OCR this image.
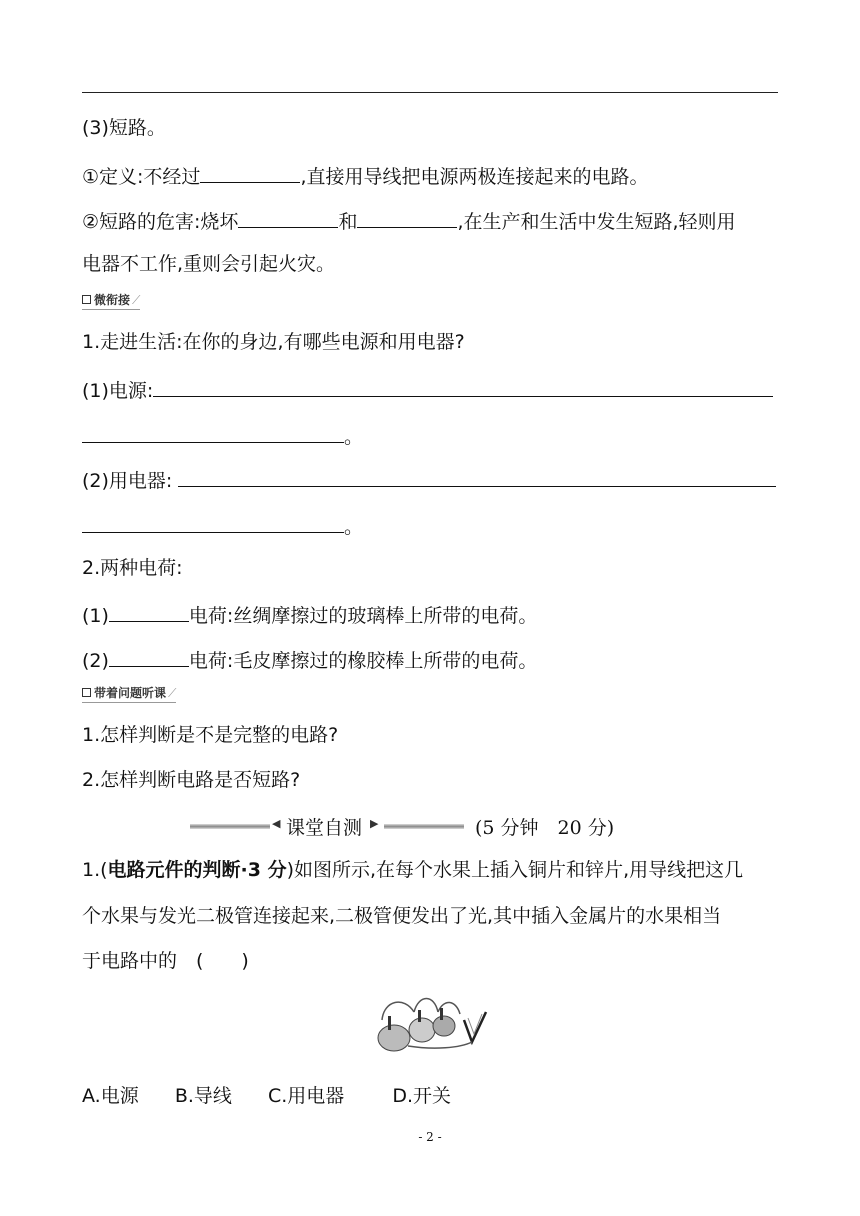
(3)短路。
①定义:不经过	,直接用导线把电源两极连接起来的电路。
②短路的危害:烧坏	和	,在生产和生活中发生短路,轻则用
电器不工作,重则会引起火灾。
微衔接 ⟋
1.走进生活:在你的身边,有哪些电源和用电器?
(1)电源:
。
(2)用电器:
。
2.两种电荷:
(1)	电荷:丝绸摩擦过的玻璃棒上所带的电荷。
(2)	电荷:毛皮摩擦过的橡胶棒上所带的电荷。
带着问题听课 ⟋
1.怎样判断是不是完整的电路?
2.怎样判断电路是否短路?
◀ 课堂自测 ▶	(5 分钟　20 分)
1.(电路元件的判断·3 分)如图所示,在每个水果上插入铜片和锌片,用导线把这几
个水果与发光二极管连接起来,二极管便发出了光,其中插入金属片的水果相当
于电路中的　(　　)
A.电源 B.导线 C.用电器	D.开关
- 2 -
